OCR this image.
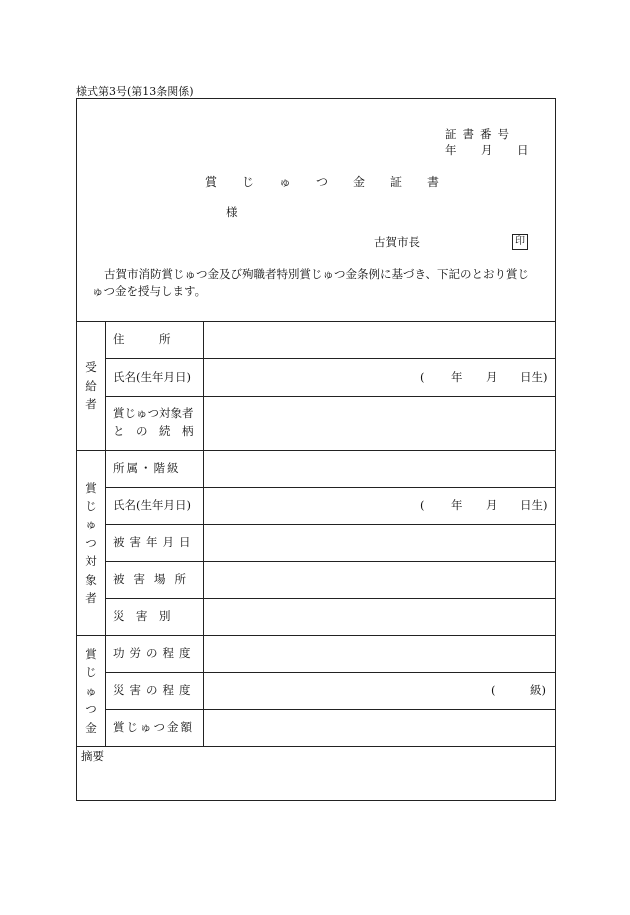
様式第3号(第13条関係)
証書番号
年 月 日
賞 じ ゅ つ 金 証 書
様
古賀市長	印
古賀市消防賞じゅつ金及び殉職者特別賞じゅつ金条例に基づき、下記のとおり賞じゅつ金を授与します。
受
給
者
賞
じ
ゅ
つ
対
象
者
賞
じ
ゅ
つ
金
住　　　所
氏名(生年月日)
賞じゅつ対象者
と　の　続　柄
所属・階級
氏名(生年月日)
被害年月日
被害場所
災　害　別
功労の程度
災害の程度
賞じゅつ金額
( 年 月 日生)
( 年 月 日生)
(	級)
摘要
